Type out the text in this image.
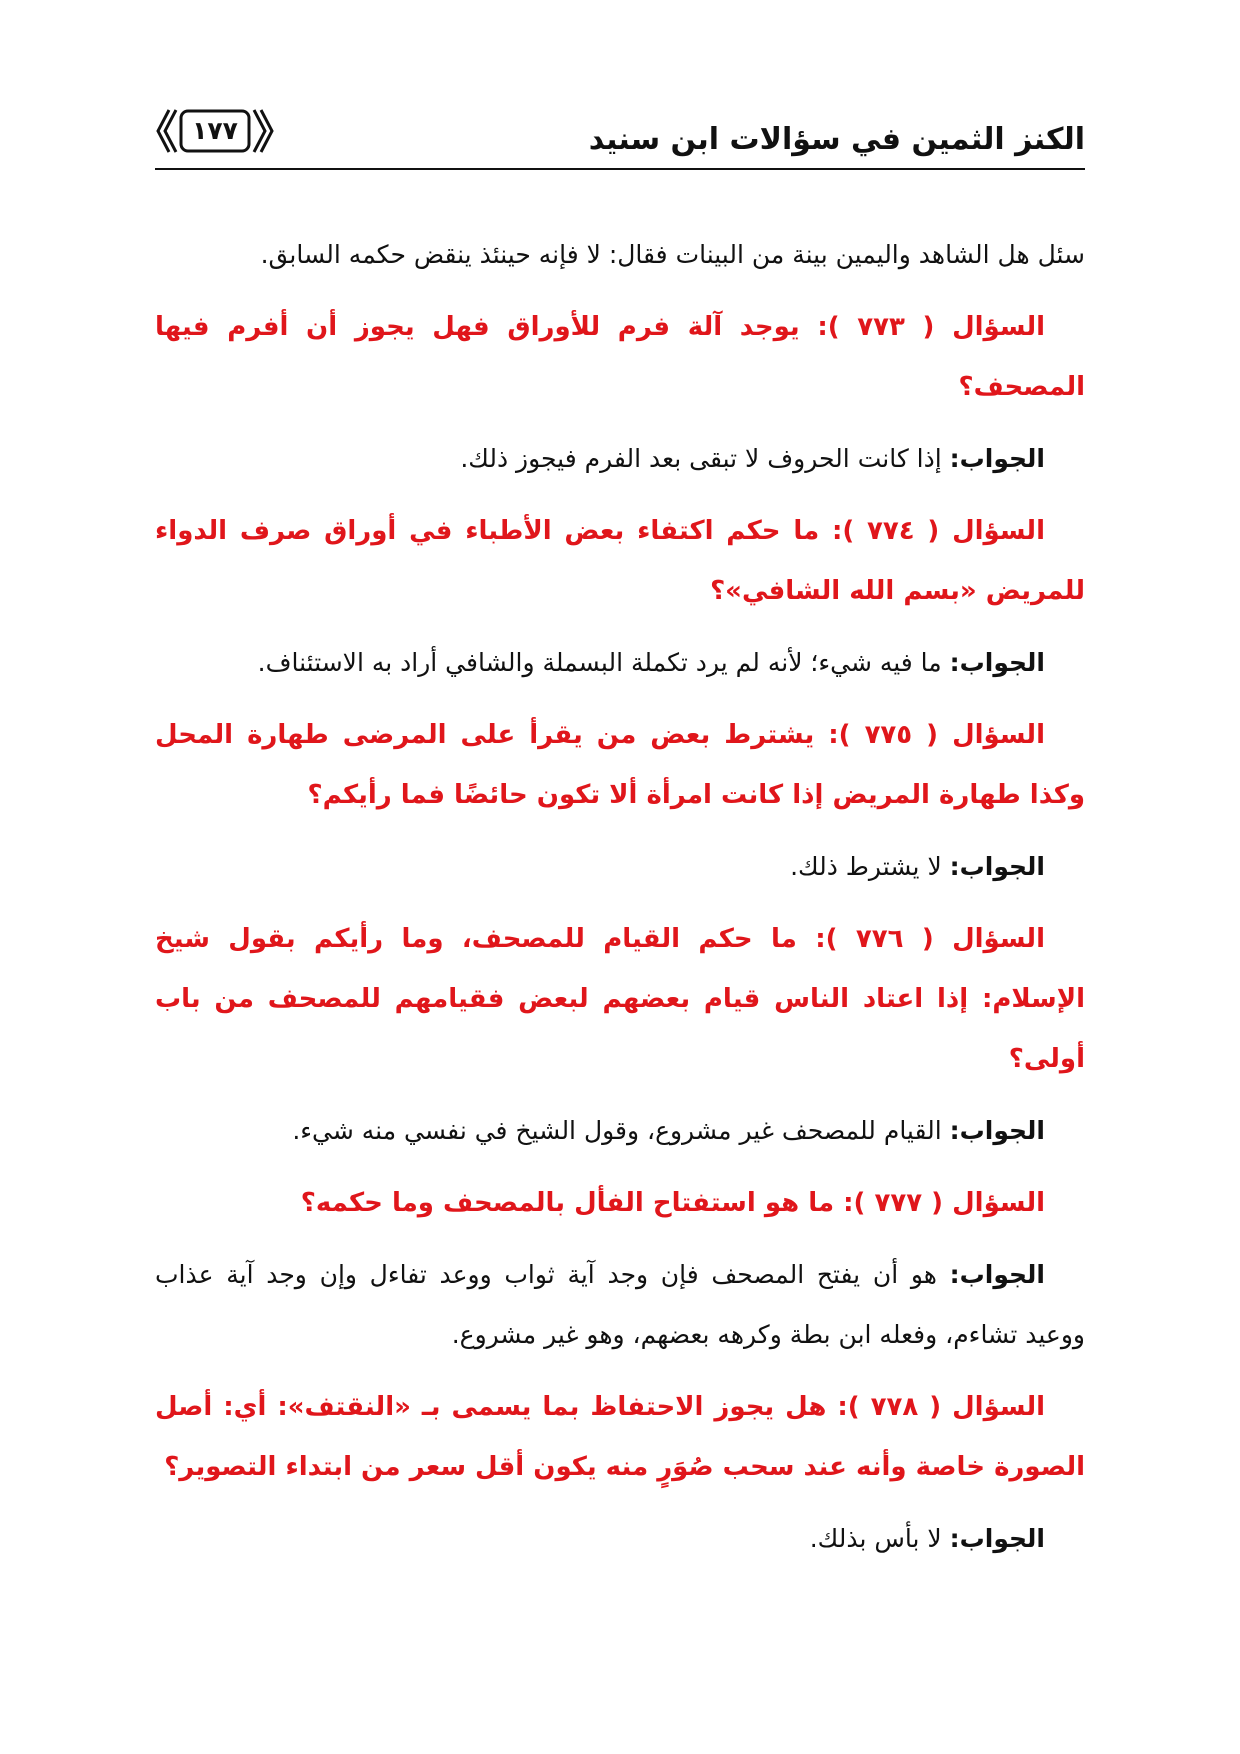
الكنز الثمين في سؤالات ابن سنيد
١٧٧

سئل هل الشاهد واليمين بينة من البينات فقال: لا فإنه حينئذ ينقض حكمه السابق.

السؤال ( ٧٧٣ ): يوجد آلة فرم للأوراق فهل يجوز أن أفرم فيها المصحف؟

الجواب: إذا كانت الحروف لا تبقى بعد الفرم فيجوز ذلك.

السؤال ( ٧٧٤ ): ما حكم اكتفاء بعض الأطباء في أوراق صرف الدواء للمريض «بسم الله الشافي»؟

الجواب: ما فيه شيء؛ لأنه لم يرد تكملة البسملة والشافي أراد به الاستئناف.

السؤال ( ٧٧٥ ): يشترط بعض من يقرأ على المرضى طهارة المحل وكذا طهارة المريض إذا كانت امرأة ألا تكون حائضًا فما رأيكم؟

الجواب: لا يشترط ذلك.

السؤال ( ٧٧٦ ): ما حكم القيام للمصحف، وما رأيكم بقول شيخ الإسلام: إذا اعتاد الناس قيام بعضهم لبعض فقيامهم للمصحف من باب أولى؟

الجواب: القيام للمصحف غير مشروع، وقول الشيخ في نفسي منه شيء.

السؤال ( ٧٧٧ ): ما هو استفتاح الفأل بالمصحف وما حكمه؟

الجواب: هو أن يفتح المصحف فإن وجد آية ثواب ووعد تفاءل وإن وجد آية عذاب ووعيد تشاءم، وفعله ابن بطة وكرهه بعضهم، وهو غير مشروع.

السؤال ( ٧٧٨ ): هل يجوز الاحتفاظ بما يسمى بـ «النقتف»: أي: أصل الصورة خاصة وأنه عند سحب صُوَرٍ منه يكون أقل سعر من ابتداء التصوير؟

الجواب: لا بأس بذلك.
